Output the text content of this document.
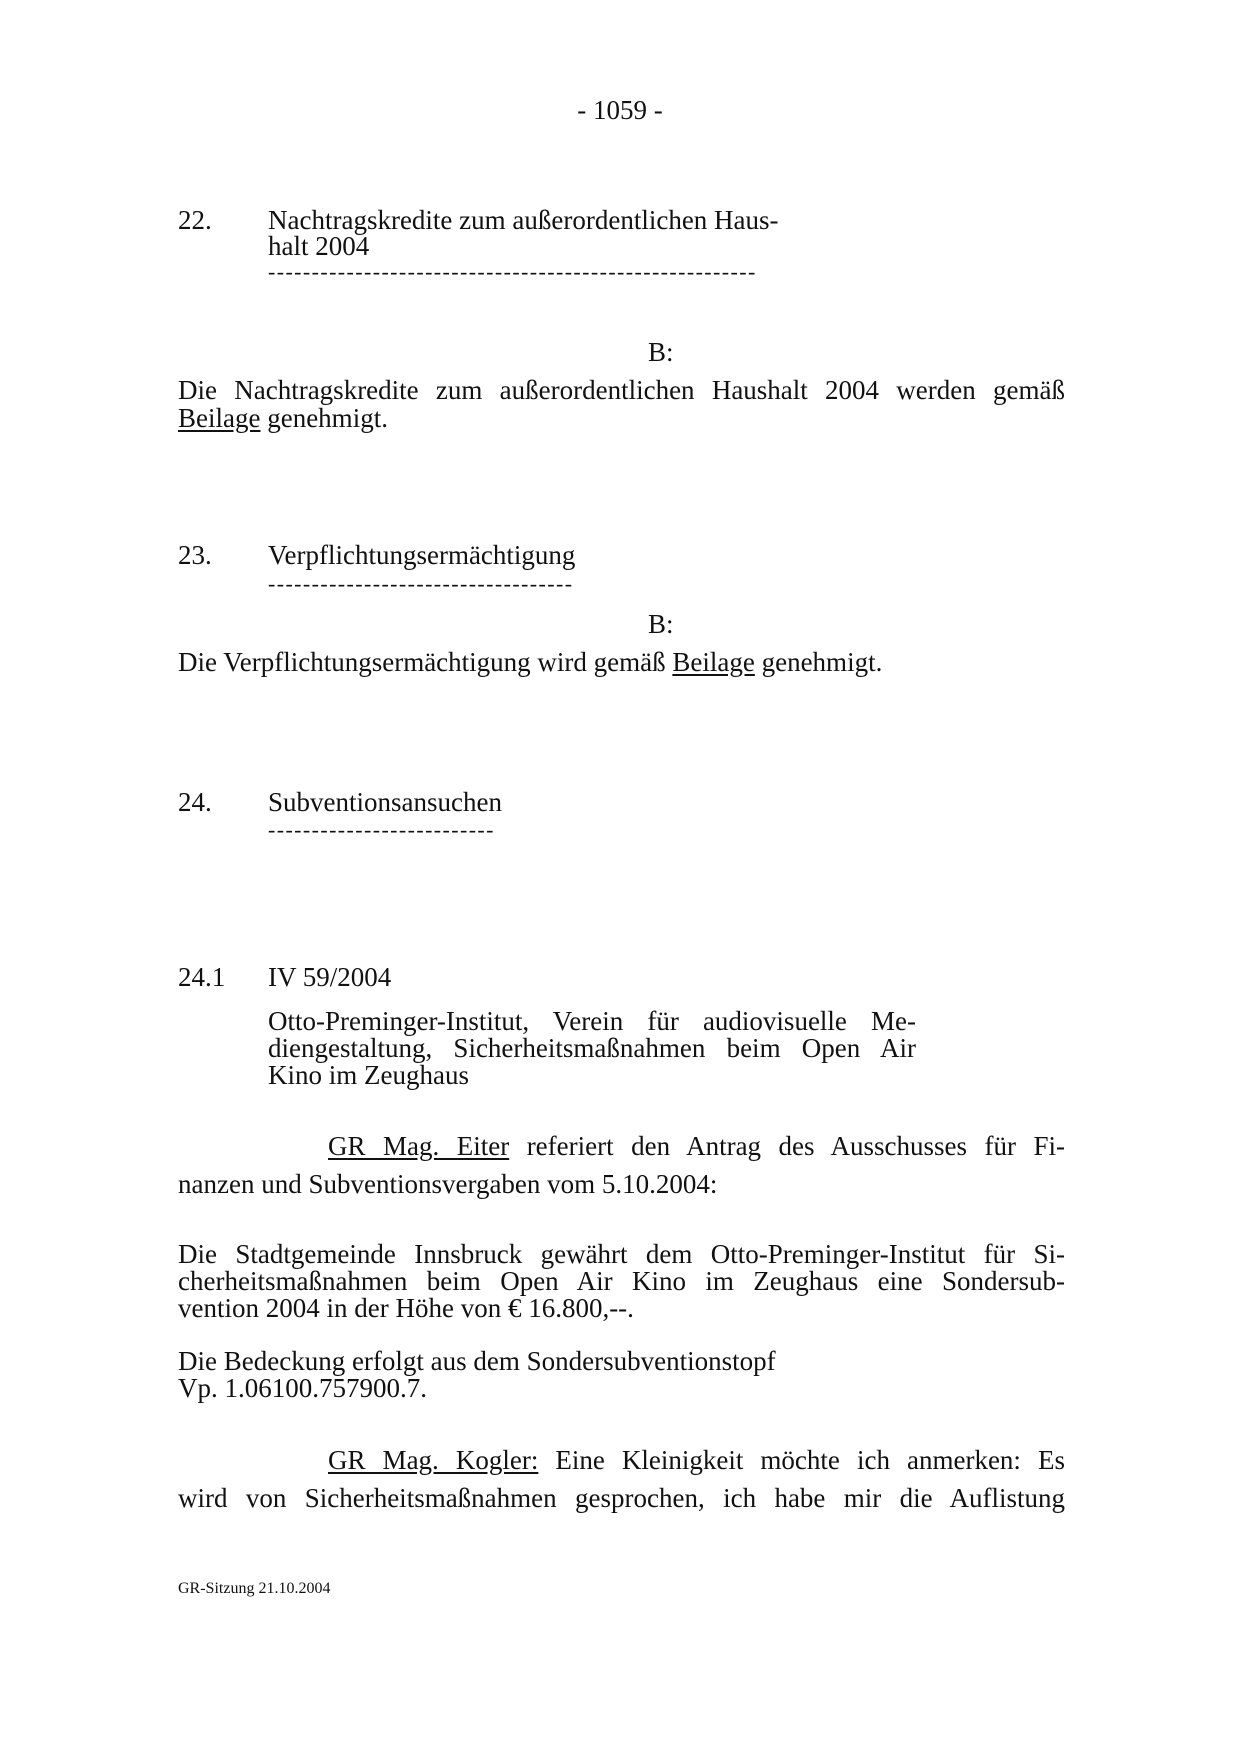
- 1059 -
22. Nachtragskredite zum außerordentlichen Haus-
halt 2004
--------------------------------------------------------
B:
Die Nachtragskredite zum außerordentlichen Haushalt 2004 werden gemäß
Beilage genehmigt.
23. Verpflichtungsermächtigung
-----------------------------------
B:
Die Verpflichtungsermächtigung wird gemäß Beilage genehmigt.
24. Subventionsansuchen
--------------------------
24.1 IV 59/2004
Otto-Preminger-Institut, Verein für audiovisuelle Me-
diengestaltung, Sicherheitsmaßnahmen beim Open Air
Kino im Zeughaus
GR Mag. Eiter referiert den Antrag des Ausschusses für Fi-
nanzen und Subventionsvergaben vom 5.10.2004:
Die Stadtgemeinde Innsbruck gewährt dem Otto-Preminger-Institut für Si-
cherheitsmaßnahmen beim Open Air Kino im Zeughaus eine Sondersub-
vention 2004 in der Höhe von € 16.800,--.
Die Bedeckung erfolgt aus dem Sondersubventionstopf
Vp. 1.06100.757900.7.
GR Mag. Kogler: Eine Kleinigkeit möchte ich anmerken: Es
wird von Sicherheitsmaßnahmen gesprochen, ich habe mir die Auflistung
GR-Sitzung 21.10.2004
